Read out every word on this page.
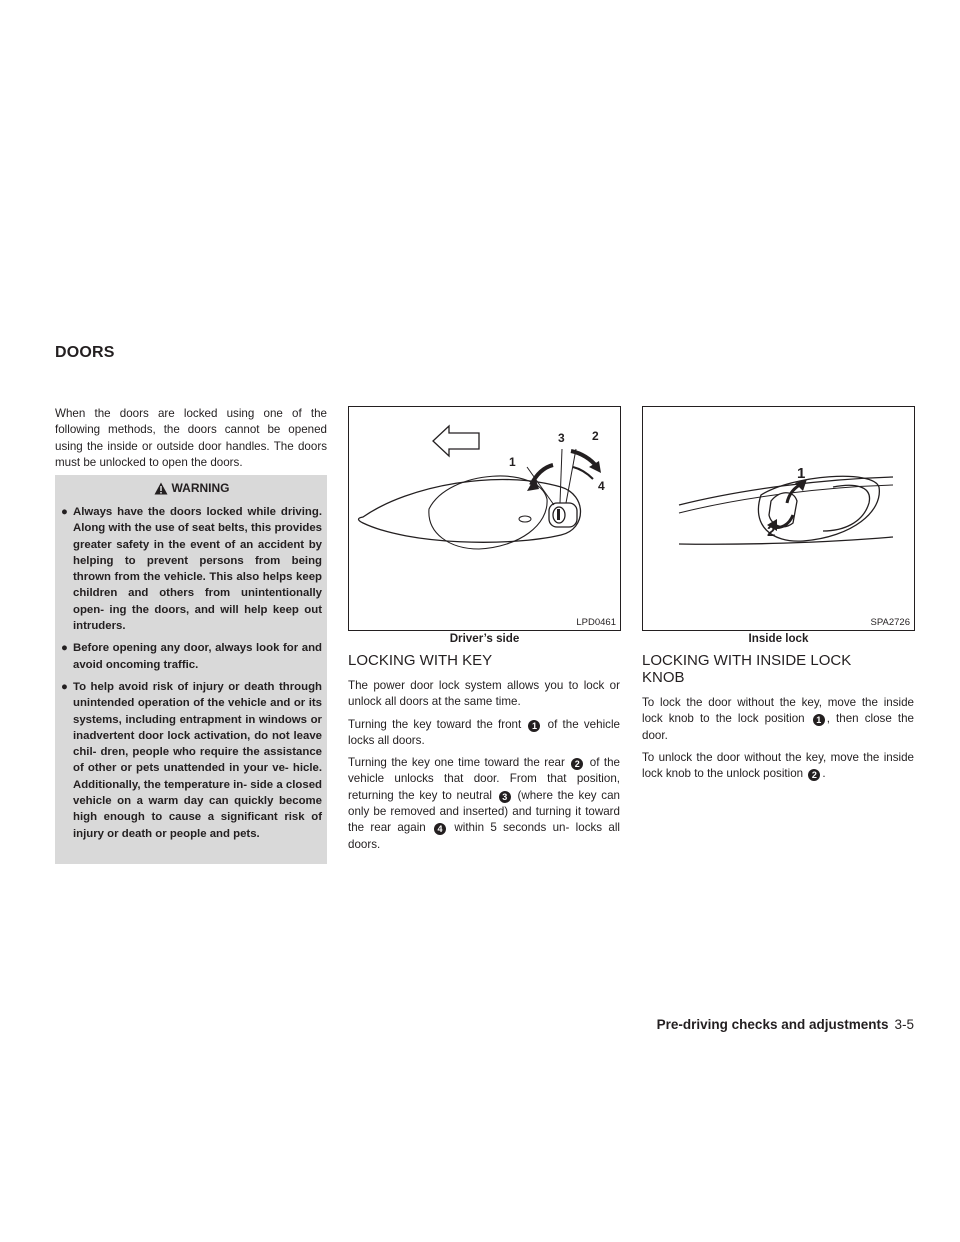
DOORS
When the doors are locked using one of the following methods, the doors cannot be opened using the inside or outside door handles. The doors must be unlocked to open the doors.
WARNING
● Always have the doors locked while driving. Along with the use of seat belts, this provides greater safety in the event of an accident by helping to prevent persons from being thrown from the vehicle. This also helps keep children and others from unintentionally open- ing the doors, and will help keep out intruders.
● Before opening any door, always look for and avoid oncoming traffic.
● To help avoid risk of injury or death through unintended operation of the vehicle and or its systems, including entrapment in windows or inadvertent door lock activation, do not leave chil- dren, people who require the assistance of other or pets unattended in your ve- hicle. Additionally, the temperature in- side a closed vehicle on a warm day can quickly become high enough to cause a significant risk of injury or death or people and pets.
1
2
3
4
LPD0461
Driver’s side
1
2
SPA2726
Inside lock
LOCKING WITH KEY

The power door lock system allows you to lock or unlock all doors at the same time.

Turning the key toward the front 1 of the vehicle locks all doors.

Turning the key one time toward the rear 2 of the vehicle unlocks that door. From that position, returning the key to neutral 3 (where the key can only be removed and inserted) and turning it toward the rear again 4 within 5 seconds un- locks all doors.

LOCKING WITH INSIDE LOCK KNOB

To lock the door without the key, move the inside lock knob to the lock position 1 , then close the door.

To unlock the door without the key, move the inside lock knob to the unlock position 2 .

Pre-driving checks and adjustments 3-5
